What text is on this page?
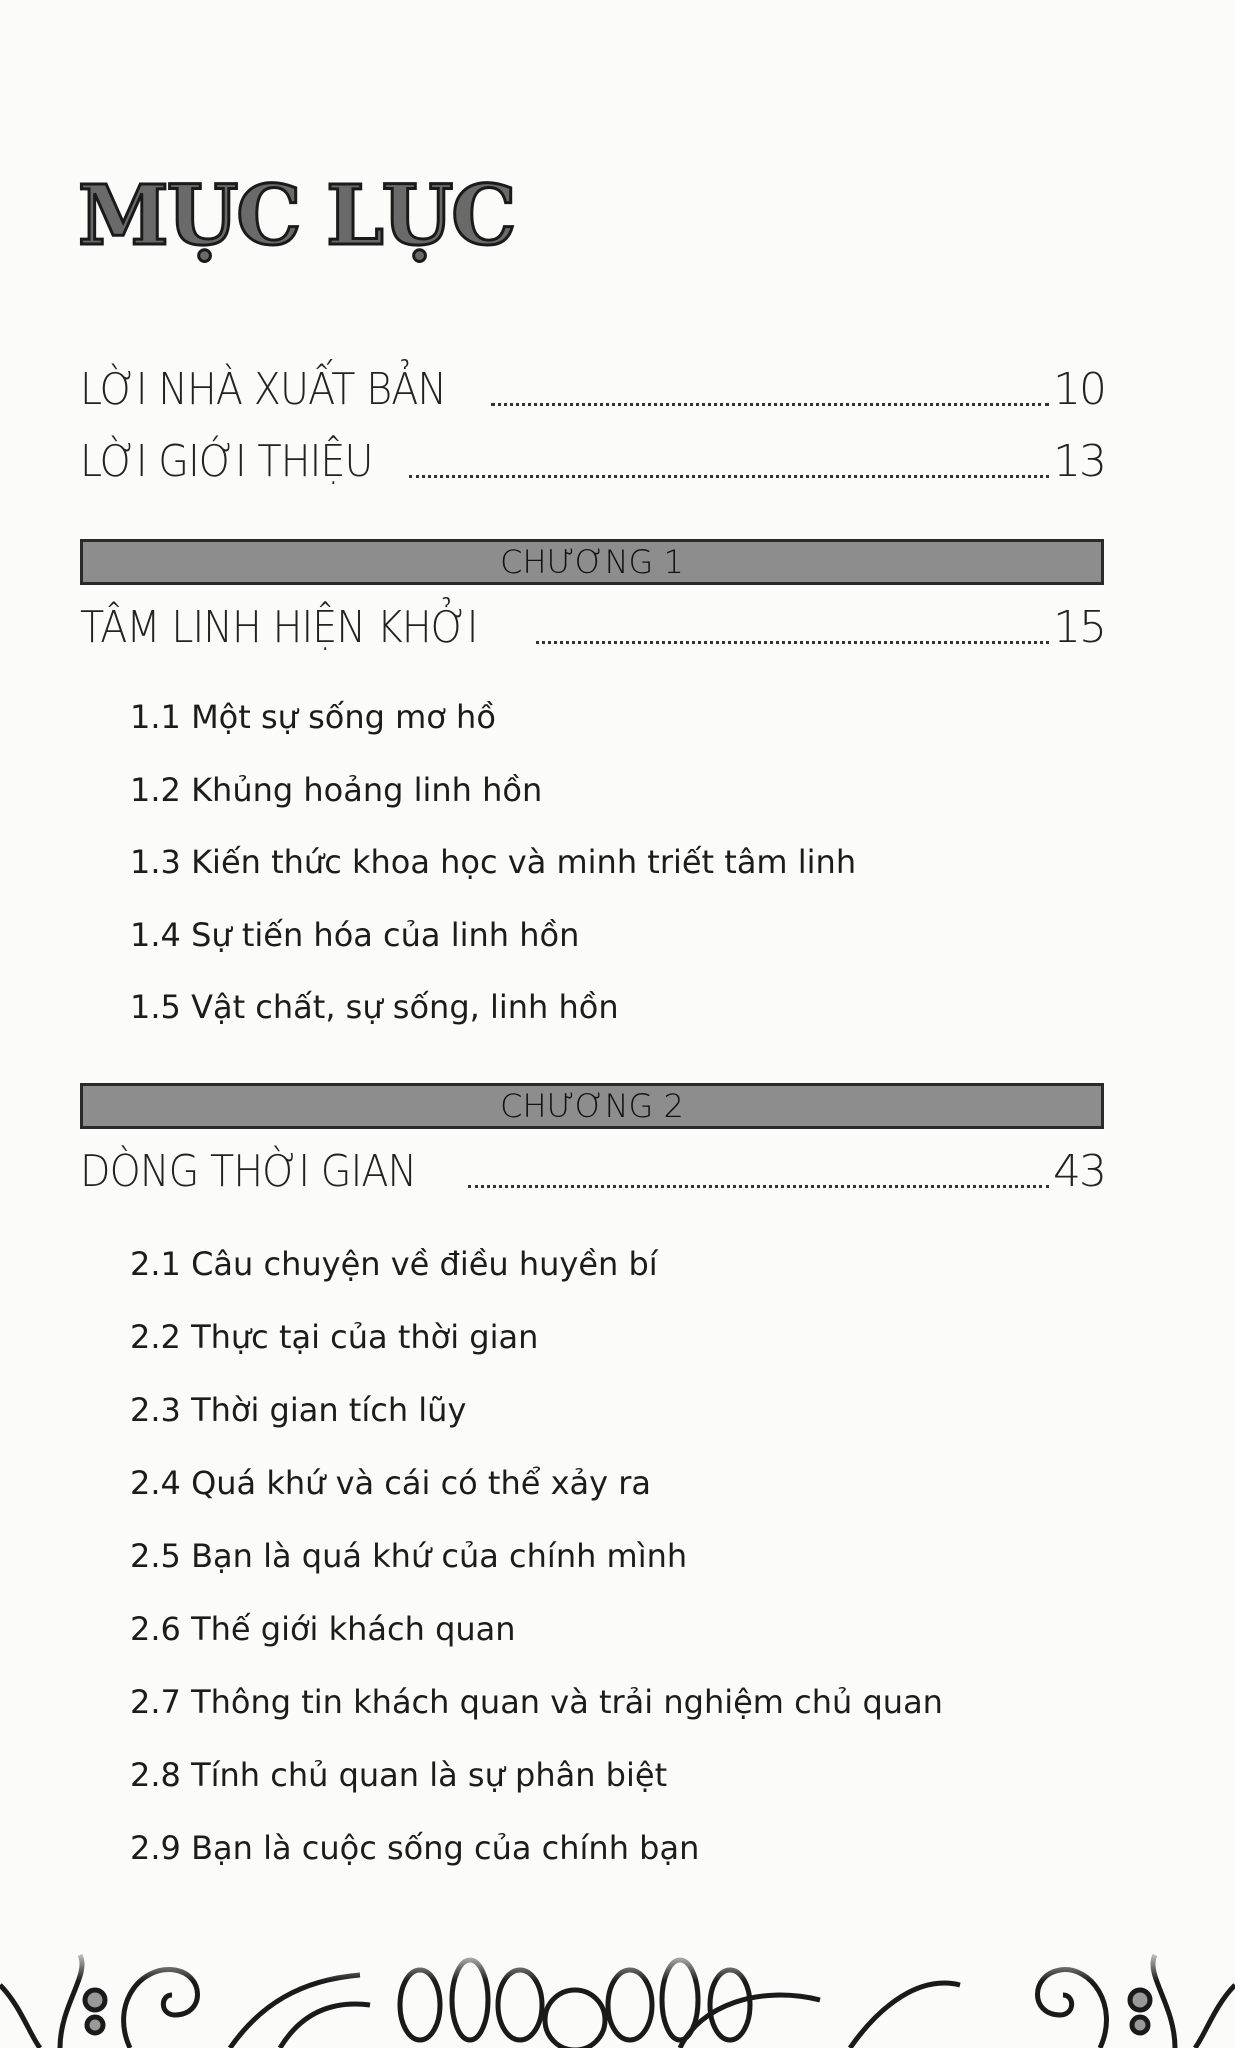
MỤC LỤC
LỜI NHÀ XUẤT BẢN	10
LỜI GIỚI THIỆU	13
CHƯƠNG 1
TÂM LINH HIỆN KHỞI	15
1.1 Một sự sống mơ hồ
1.2 Khủng hoảng linh hồn
1.3 Kiến thức khoa học và minh triết tâm linh
1.4 Sự tiến hóa của linh hồn
1.5 Vật chất, sự sống, linh hồn
CHƯƠNG 2
DÒNG THỜI GIAN	43
2.1 Câu chuyện về điều huyền bí
2.2 Thực tại của thời gian
2.3 Thời gian tích lũy
2.4 Quá khứ và cái có thể xảy ra
2.5 Bạn là quá khứ của chính mình
2.6 Thế giới khách quan
2.7 Thông tin khách quan và trải nghiệm chủ quan
2.8 Tính chủ quan là sự phân biệt
2.9 Bạn là cuộc sống của chính bạn
